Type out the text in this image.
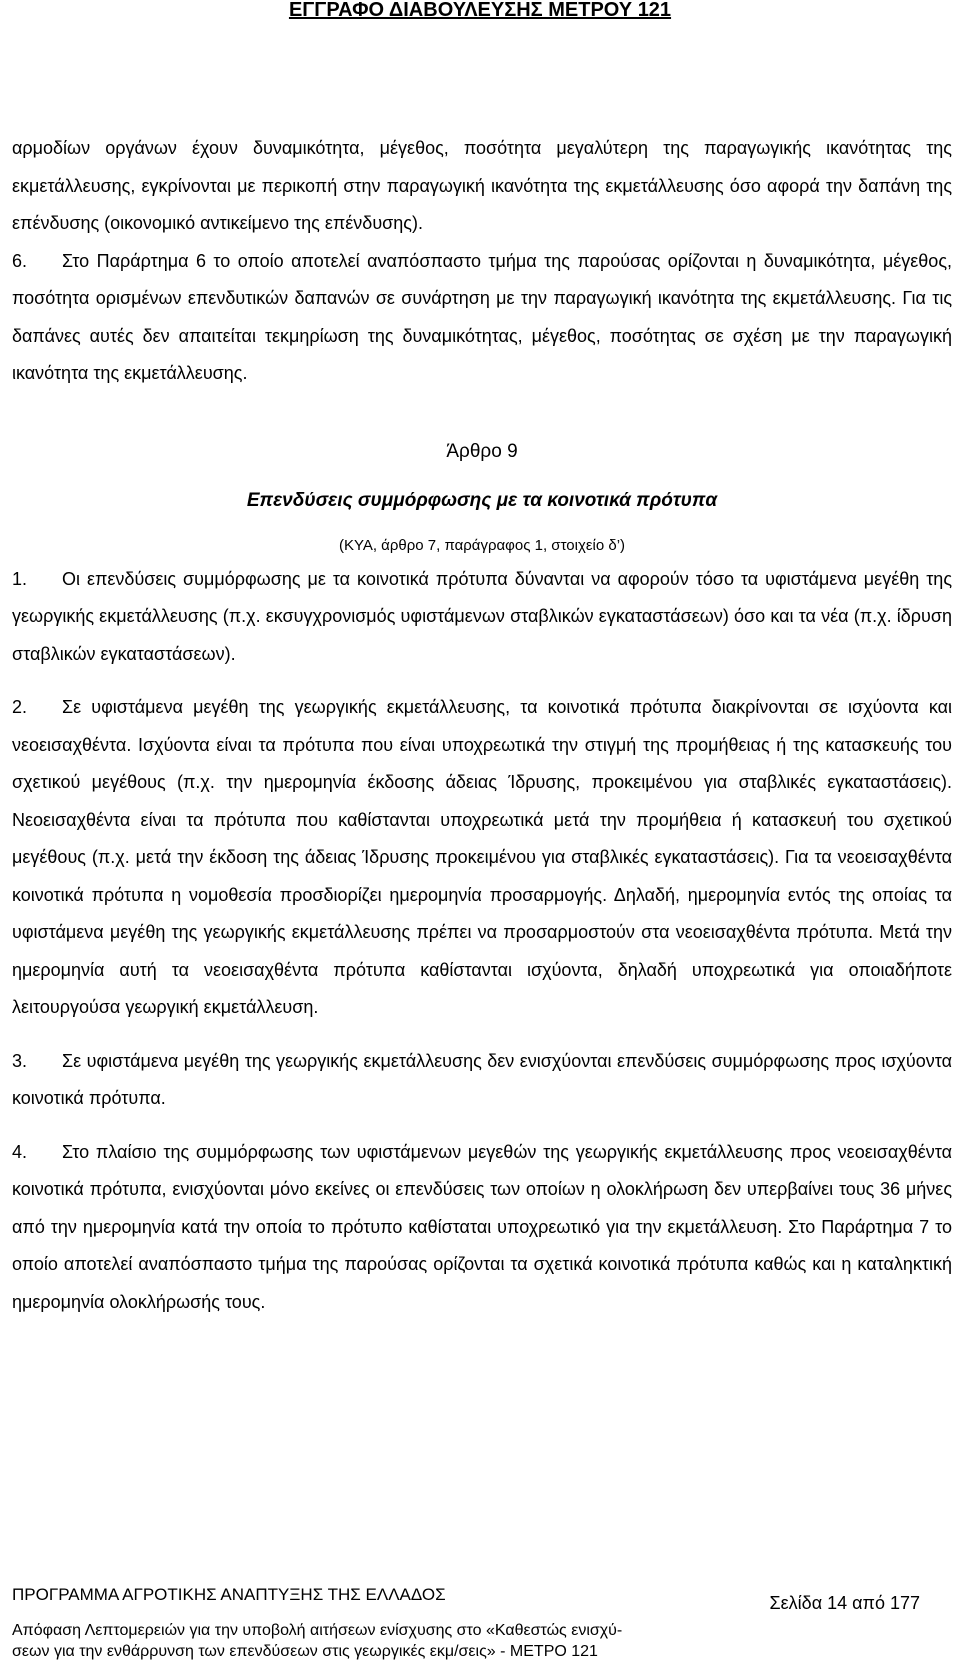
ΕΓΓΡΑΦΟ ΔΙΑΒΟΥΛΕΥΣΗΣ ΜΕΤΡΟΥ 121

αρμοδίων οργάνων έχουν δυναμικότητα, μέγεθος, ποσότητα μεγαλύτερη της παραγωγικής ικανότητας της εκμετάλλευσης, εγκρίνονται με περικοπή στην παραγωγική ικανότητα της εκμετάλλευσης όσο αφορά την δαπάνη της επένδυσης (οικονομικό αντικείμενο της επένδυσης).

6. Στο Παράρτημα 6 το οποίο αποτελεί αναπόσπαστο τμήμα της παρούσας ορίζονται η δυναμικότητα, μέγεθος, ποσότητα ορισμένων επενδυτικών δαπανών σε συνάρτηση με την παραγωγική ικανότητα της εκμετάλλευσης. Για τις δαπάνες αυτές δεν απαιτείται τεκμηρίωση της δυναμικότητας, μέγεθος, ποσότητας σε σχέση με την παραγωγική ικανότητα της εκμετάλλευσης.

Άρθρο 9
Επενδύσεις συμμόρφωσης με τα κοινοτικά πρότυπα
(ΚΥΑ, άρθρο 7, παράγραφος 1, στοιχείο δ’)

1. Οι επενδύσεις συμμόρφωσης με τα κοινοτικά πρότυπα δύνανται να αφορούν τόσο τα υφιστάμενα μεγέθη της γεωργικής εκμετάλλευσης (π.χ. εκσυγχρονισμός υφιστάμενων σταβλικών εγκαταστάσεων) όσο και τα νέα (π.χ. ίδρυση σταβλικών εγκαταστάσεων).

2. Σε υφιστάμενα μεγέθη της γεωργικής εκμετάλλευσης, τα κοινοτικά πρότυπα διακρίνονται σε ισχύοντα και νεοεισαχθέντα. Ισχύοντα είναι τα πρότυπα που είναι υποχρεωτικά την στιγμή της προμήθειας ή της κατασκευής του σχετικού μεγέθους (π.χ. την ημερομηνία έκδοσης άδειας Ίδρυσης, προκειμένου για σταβλικές εγκαταστάσεις). Νεοεισαχθέντα είναι τα πρότυπα που καθίστανται υποχρεωτικά μετά την προμήθεια ή κατασκευή του σχετικού μεγέθους (π.χ. μετά την έκδοση της άδειας Ίδρυσης προκειμένου για σταβλικές εγκαταστάσεις). Για τα νεοεισαχθέντα κοινοτικά πρότυπα η νομοθεσία προσδιορίζει ημερομηνία προσαρμογής. Δηλαδή, ημερομηνία εντός της οποίας τα υφιστάμενα μεγέθη της γεωργικής εκμετάλλευσης πρέπει να προσαρμοστούν στα νεοεισαχθέντα πρότυπα. Μετά την ημερομηνία αυτή τα νεοεισαχθέντα πρότυπα καθίστανται ισχύοντα, δηλαδή υποχρεωτικά για οποιαδήποτε λειτουργούσα γεωργική εκμετάλλευση.

3. Σε υφιστάμενα μεγέθη της γεωργικής εκμετάλλευσης δεν ενισχύονται επενδύσεις συμμόρφωσης προς ισχύοντα κοινοτικά πρότυπα.

4. Στο πλαίσιο της συμμόρφωσης των υφιστάμενων μεγεθών της γεωργικής εκμετάλλευσης προς νεοεισαχθέντα κοινοτικά πρότυπα, ενισχύονται μόνο εκείνες οι επενδύσεις των οποίων η ολοκλήρωση δεν υπερβαίνει τους 36 μήνες από την ημερομηνία κατά την οποία το πρότυπο καθίσταται υποχρεωτικό για την εκμετάλλευση. Στο Παράρτημα 7 το οποίο αποτελεί αναπόσπαστο τμήμα της παρούσας ορίζονται τα σχετικά κοινοτικά πρότυπα καθώς και η καταληκτική ημερομηνία ολοκλήρωσής τους.

ΠΡΟΓΡΑΜΜΑ ΑΓΡΟΤΙΚΗΣ ΑΝΑΠΤΥΞΗΣ ΤΗΣ ΕΛΛΑΔΟΣ	Σελίδα 14 από 177
Απόφαση Λεπτομερειών για την υποβολή αιτήσεων ενίσχυσης στο «Καθεστώς ενισχύ-
σεων για την ενθάρρυνση των επενδύσεων στις γεωργικές εκμ/σεις» - ΜΕΤΡΟ 121
